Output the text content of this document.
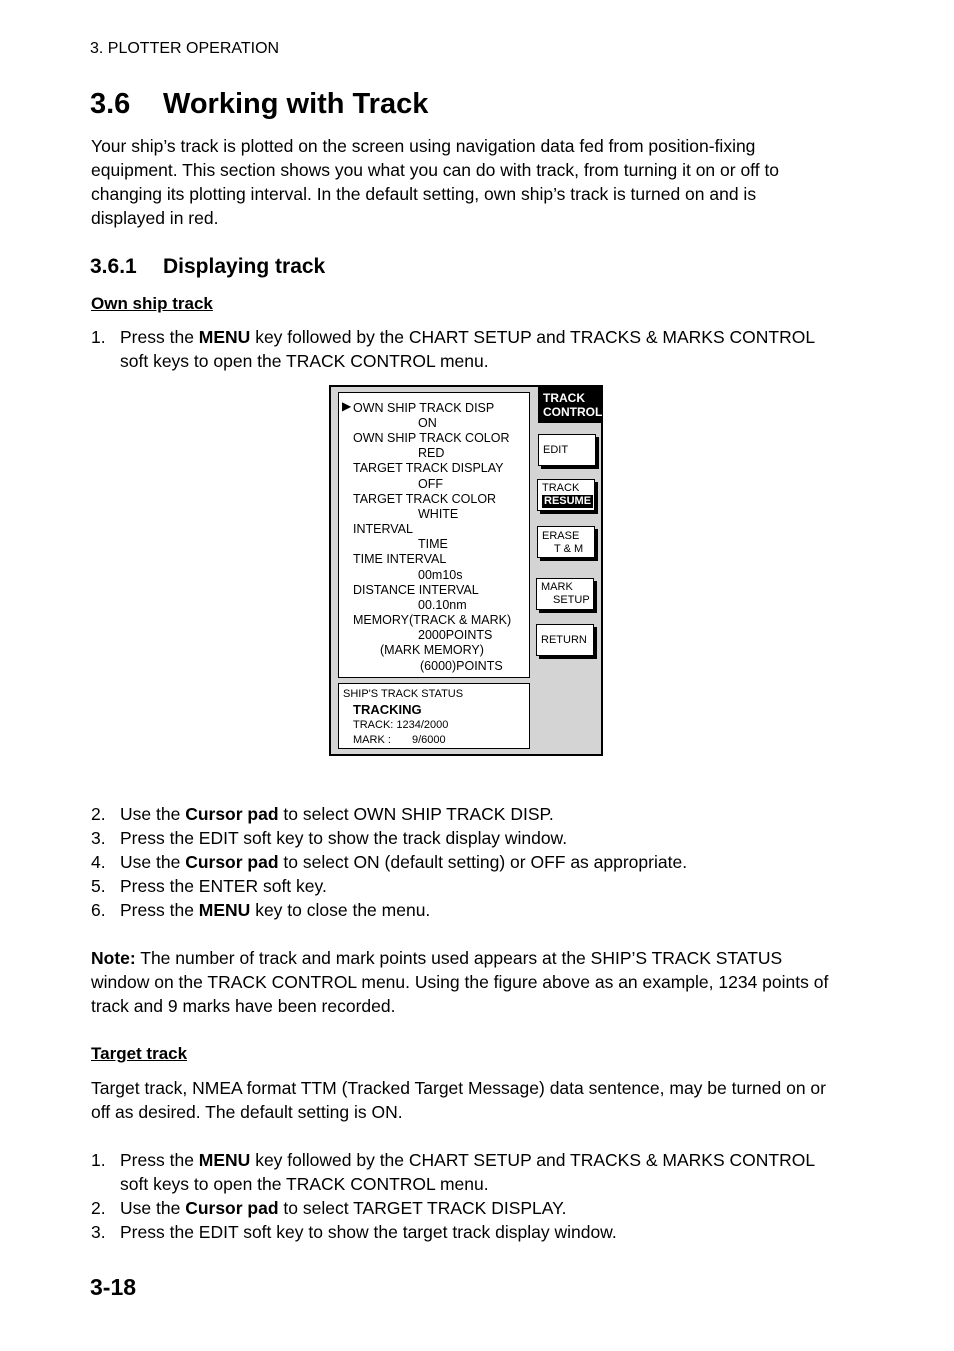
3. PLOTTER OPERATION
3.6 Working with Track
Your ship’s track is plotted on the screen using navigation data fed from position-fixing equipment. This section shows you what you can do with track, from turning it on or off to changing its plotting interval. In the default setting, own ship’s track is turned on and is displayed in red.
3.6.1 Displaying track
Own ship track
1. Press the MENU key followed by the CHART SETUP and TRACKS & MARKS CONTROL soft keys to open the TRACK CONTROL menu.
▶ OWN SHIP TRACK DISP
ON
OWN SHIP TRACK COLOR
RED
TARGET TRACK DISPLAY
OFF
TARGET TRACK COLOR
WHITE
INTERVAL
TIME
TIME INTERVAL
00m10s
DISTANCE INTERVAL
00.10nm
MEMORY(TRACK & MARK)
2000POINTS
(MARK MEMORY)
(6000)POINTS
SHIP'S TRACK STATUS
TRACKING
TRACK: 1234/2000
MARK : 9/6000
TRACK
CONTROL
EDIT
TRACK
RESUME
ERASE
T & M
MARK
SETUP
RETURN
2. Use the Cursor pad to select OWN SHIP TRACK DISP.
3. Press the EDIT soft key to show the track display window.
4. Use the Cursor pad to select ON (default setting) or OFF as appropriate.
5. Press the ENTER soft key.
6. Press the MENU key to close the menu.
Note: The number of track and mark points used appears at the SHIP’S TRACK STATUS window on the TRACK CONTROL menu. Using the figure above as an example, 1234 points of track and 9 marks have been recorded.
Target track
Target track, NMEA format TTM (Tracked Target Message) data sentence, may be turned on or off as desired. The default setting is ON.
1. Press the MENU key followed by the CHART SETUP and TRACKS & MARKS CONTROL soft keys to open the TRACK CONTROL menu.
2. Use the Cursor pad to select TARGET TRACK DISPLAY.
3. Press the EDIT soft key to show the target track display window.
3-18
